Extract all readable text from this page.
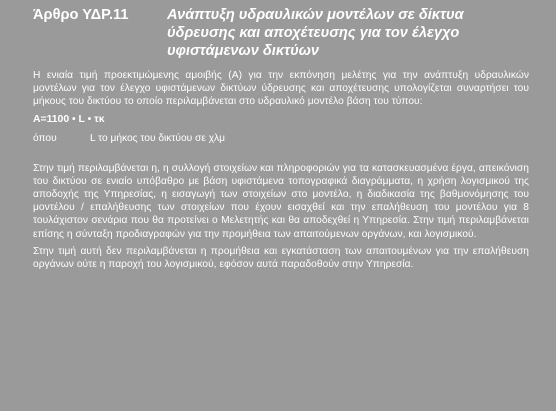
Άρθρο ΥΔΡ.11	Ανάπτυξη υδραυλικών μοντέλων σε δίκτυα ύδρευσης και αποχέτευσης για τον έλεγχο υφιστάμενων δικτύων

Η ενιαία τιμή προεκτιμώμενης αμοιβής (Α) για την εκπόνηση μελέτης για την ανάπτυξη υδραυλικών μοντέλων για τον έλεγχο υφιστάμενων δικτύων ύδρευσης και αποχέτευσης υπολογίζεται συναρτήσει του μήκους του δικτύου το οποίο περιλαμβάνεται στο υδραυλικό μοντέλο βάση του τύπου:

A=1100 • L • τκ
όπου	L το μήκος του δικτύου σε χλμ

Στην τιμή περιλαμβάνεται η, η συλλογή στοιχείων και πληροφοριών για τα κατασκευασμένα έργα, απεικόνιση του δικτύου σε ενιαίο υπόβαθρο με βάση υφιστάμενα τοπογραφικά διαγράμματα, η χρήση λογισμικού της αποδοχής της Υπηρεσίας, η εισαγωγή των στοιχείων στο μοντέλο, η διαδικασία της βαθμονόμησης του μοντέλου / επαλήθευσης των στοιχείων που έχουν εισαχθεί και την επαλήθευση του μοντέλου για 8 τουλάχιστον σενάρια που θα προτείνει ο Μελετητής και θα αποδεχθεί η Υπηρεσία. Στην τιμή περιλαμβάνεται επίσης η σύνταξη προδιαγραφών για την προμήθεια των απαιτούμενων οργάνων, και λογισμικού.

Στην τιμή αυτή δεν περιλαμβάνεται η προμήθεια και εγκατάσταση των απαιτουμένων για την επαλήθευση οργάνων ούτε η παροχή του λογισμικού, εφόσον αυτά παραδοθούν στην Υπηρεσία.
